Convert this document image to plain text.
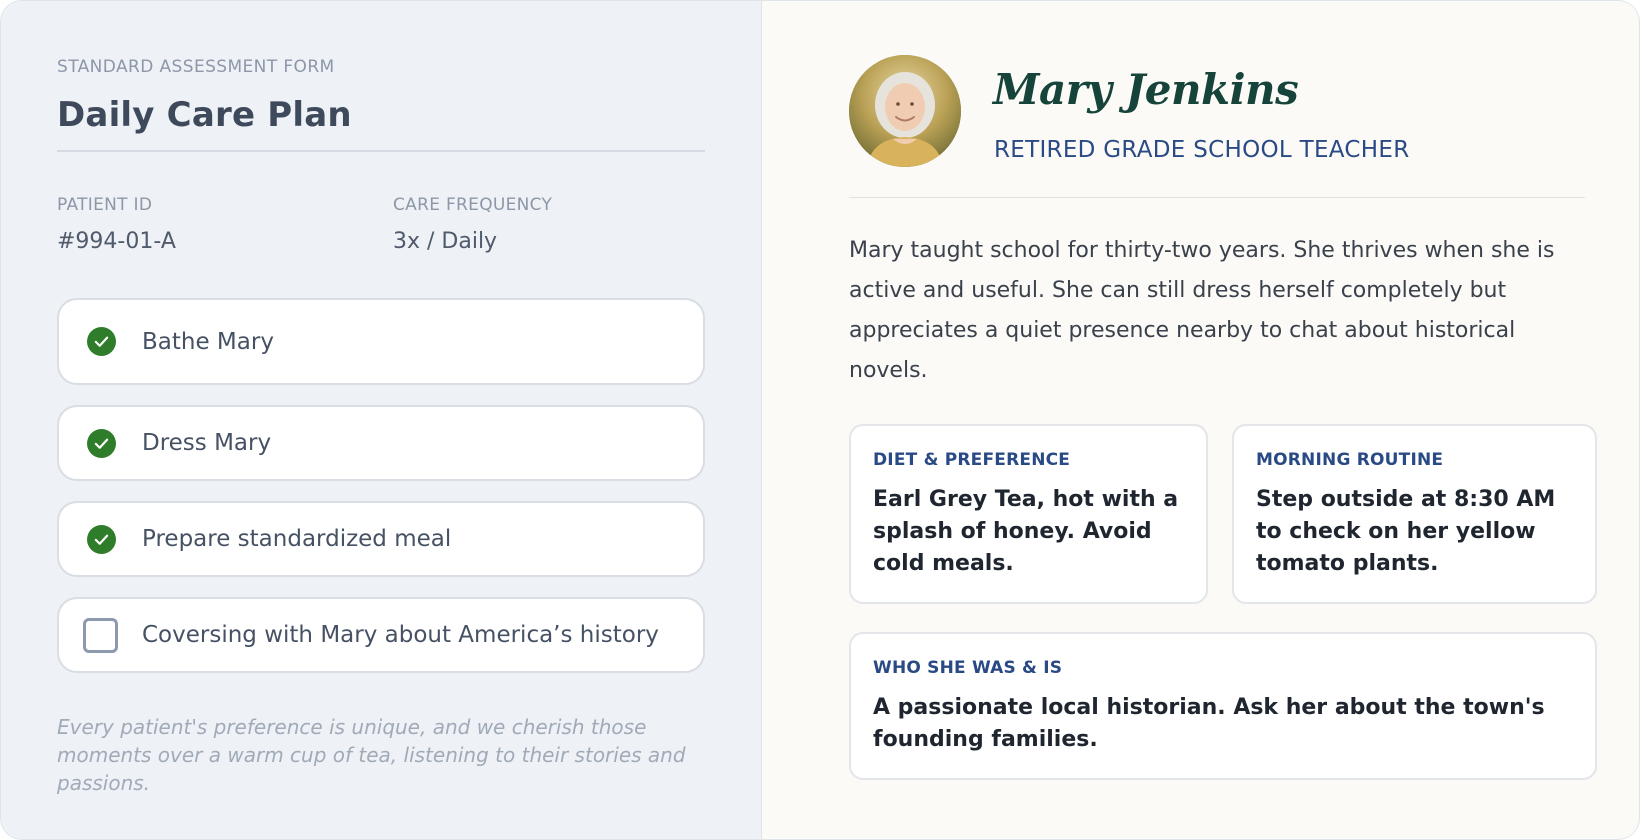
STANDARD ASSESSMENT FORM
Daily Care Plan
PATIENT ID
#994-01-A
CARE FREQUENCY
3x / Daily
Bathe Mary
Dress Mary
Prepare standardized meal
Coversing with Mary about America’s history
Every patient's preference is unique, and we cherish those moments over a warm cup of tea, listening to their stories and passions.
Mary Jenkins
RETIRED GRADE SCHOOL TEACHER
Mary taught school for thirty-two years. She thrives when she is active and useful. She can still dress herself completely but appreciates a quiet presence nearby to chat about historical novels.
DIET & PREFERENCE
Earl Grey Tea, hot with a splash of honey. Avoid cold meals.
MORNING ROUTINE
Step outside at 8:30 AM to check on her yellow tomato plants.
WHO SHE WAS & IS
A passionate local historian. Ask her about the town's founding families.
